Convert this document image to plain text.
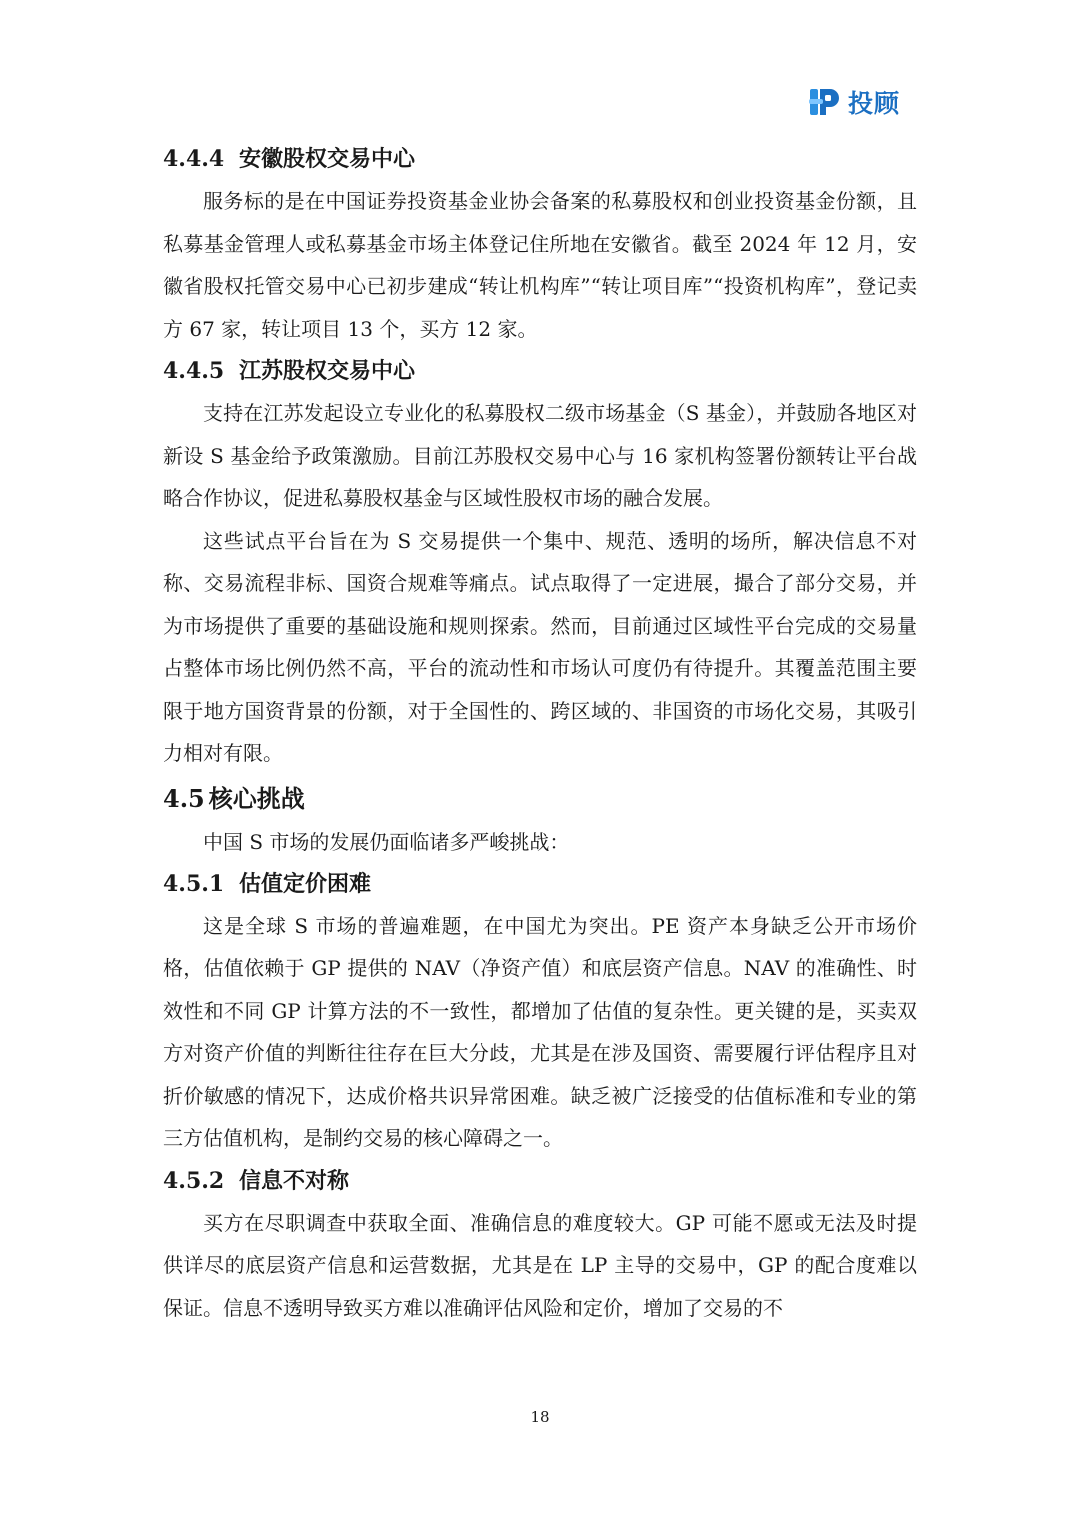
投顾
4.4.4 安徽股权交易中心

服务标的是在中国证券投资基金业协会备案的私募股权和创业投资基金份额，且私募基金管理人或私募基金市场主体登记住所地在安徽省。截至 2024 年 12 月，安徽省股权托管交易中心已初步建成“转让机构库”“转让项目库”“投资机构库”，登记卖方 67 家，转让项目 13 个，买方 12 家。

4.4.5 江苏股权交易中心

支持在江苏发起设立专业化的私募股权二级市场基金（S 基金），并鼓励各地区对新设 S 基金给予政策激励。目前江苏股权交易中心与 16 家机构签署份额转让平台战略合作协议，促进私募股权基金与区域性股权市场的融合发展。

这些试点平台旨在为 S 交易提供一个集中、规范、透明的场所，解决信息不对称、交易流程非标、国资合规难等痛点。试点取得了一定进展，撮合了部分交易，并为市场提供了重要的基础设施和规则探索。然而，目前通过区域性平台完成的交易量占整体市场比例仍然不高，平台的流动性和市场认可度仍有待提升。其覆盖范围主要限于地方国资背景的份额，对于全国性的、跨区域的、非国资的市场化交易，其吸引力相对有限。

4.5 核心挑战

中国 S 市场的发展仍面临诸多严峻挑战：

4.5.1 估值定价困难

这是全球 S 市场的普遍难题，在中国尤为突出。PE 资产本身缺乏公开市场价格，估值依赖于 GP 提供的 NAV（净资产值）和底层资产信息。NAV 的准确性、时效性和不同 GP 计算方法的不一致性，都增加了估值的复杂性。更关键的是，买卖双方对资产价值的判断往往存在巨大分歧，尤其是在涉及国资、需要履行评估程序且对折价敏感的情况下，达成价格共识异常困难。缺乏被广泛接受的估值标准和专业的第三方估值机构，是制约交易的核心障碍之一。

4.5.2 信息不对称

买方在尽职调查中获取全面、准确信息的难度较大。GP 可能不愿或无法及时提供详尽的底层资产信息和运营数据，尤其是在 LP 主导的交易中，GP 的配合度难以保证。信息不透明导致买方难以准确评估风险和定价，增加了交易的不

18
